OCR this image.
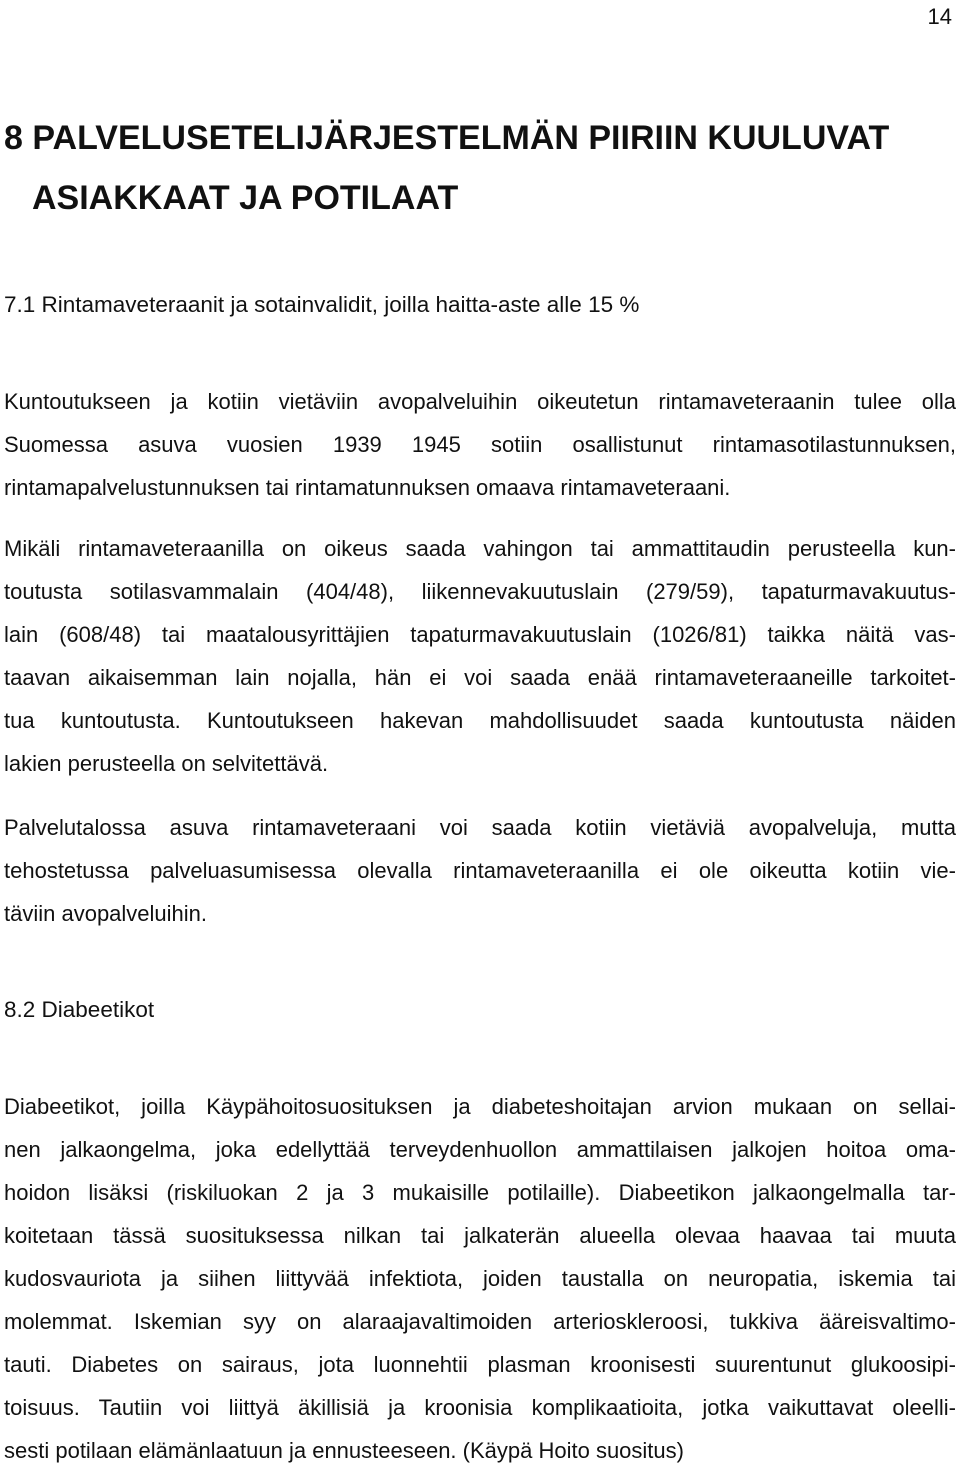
14
8 PALVELUSETELIJÄRJESTELMÄN PIIRIIN KUULUVAT
ASIAKKAAT JA POTILAAT
7.1 Rintamaveteraanit ja sotainvalidit, joilla haitta-aste alle 15 %
Kuntoutukseen ja kotiin vietäviin avopalveluihin oikeutetun rintamaveteraanin tulee olla
Suomessa asuva vuosien 1939 1945 sotiin osallistunut rintamasotilastunnuksen,
rintamapalvelustunnuksen tai rintamatunnuksen omaava rintamaveteraani.
Mikäli rintamaveteraanilla on oikeus saada vahingon tai ammattitaudin perusteella kun-
toutusta sotilasvammalain (404/48), liikennevakuutuslain (279/59), tapaturmavakuutus-
lain (608/48) tai maatalousyrittäjien tapaturmavakuutuslain (1026/81) taikka näitä vas-
taavan aikaisemman lain nojalla, hän ei voi saada enää rintamaveteraaneille tarkoitet-
tua kuntoutusta. Kuntoutukseen hakevan mahdollisuudet saada kuntoutusta näiden
lakien perusteella on selvitettävä.
Palvelutalossa asuva rintamaveteraani voi saada kotiin vietäviä avopalveluja, mutta
tehostetussa palveluasumisessa olevalla rintamaveteraanilla ei ole oikeutta kotiin vie-
täviin avopalveluihin.
8.2 Diabeetikot
Diabeetikot, joilla Käypähoitosuosituksen ja diabeteshoitajan arvion mukaan on sellai-
nen jalkaongelma, joka edellyttää terveydenhuollon ammattilaisen jalkojen hoitoa oma-
hoidon lisäksi (riskiluokan 2 ja 3 mukaisille potilaille). Diabeetikon jalkaongelmalla tar-
koitetaan tässä suosituksessa nilkan tai jalkaterän alueella olevaa haavaa tai muuta
kudosvauriota ja siihen liittyvää infektiota, joiden taustalla on neuropatia, iskemia tai
molemmat. Iskemian syy on alaraajavaltimoiden arterioskleroosi, tukkiva ääreisvaltimo-
tauti. Diabetes on sairaus, jota luonnehtii plasman kroonisesti suurentunut glukoosipi-
toisuus. Tautiin voi liittyä äkillisiä ja kroonisia komplikaatioita, jotka vaikuttavat oleelli-
sesti potilaan elämänlaatuun ja ennusteeseen. (Käypä Hoito suositus)
